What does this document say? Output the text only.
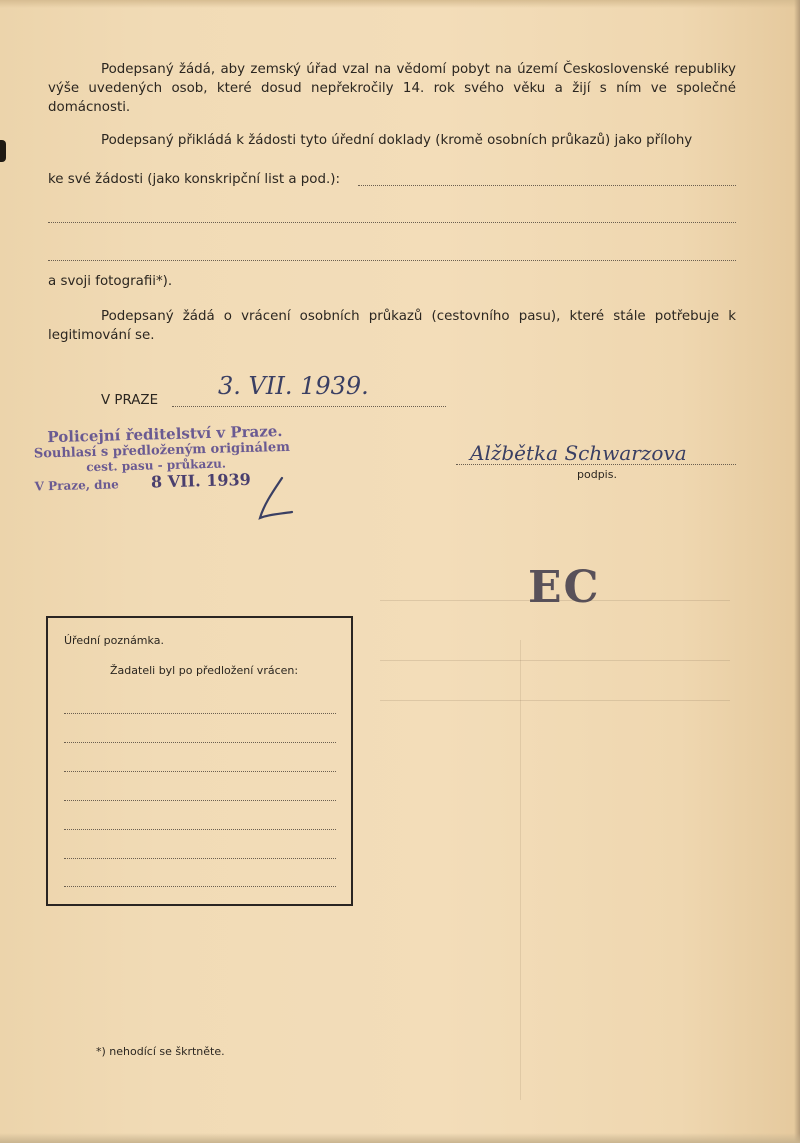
Podepsaný žádá, aby zemský úřad vzal na vědomí pobyt na území Československé republiky výše uvedených osob, které dosud nepřekročily 14. rok svého věku a žijí s ním ve společné domácnosti.

Podepsaný přikládá k žádosti tyto úřední doklady (kromě osobních průkazů) jako přílohy
ke své žádosti (jako konskripční list a pod.):
a svoji fotografii*).

Podepsaný žádá o vrácení osobních průkazů (cestovního pasu), které stále potřebuje k legitimování se.

V PRAZE
3. VII. 1939.
Policejní ředitelství v Praze.
Souhlasí s předloženým originálem
cest. pasu - průkazu.
V Praze, dne 8 VII. 1939
Alžbětka Schwarzova
podpis.
EC
Úřední poznámka.
Žadateli byl po předložení vrácen:
*) nehodící se škrtněte.
